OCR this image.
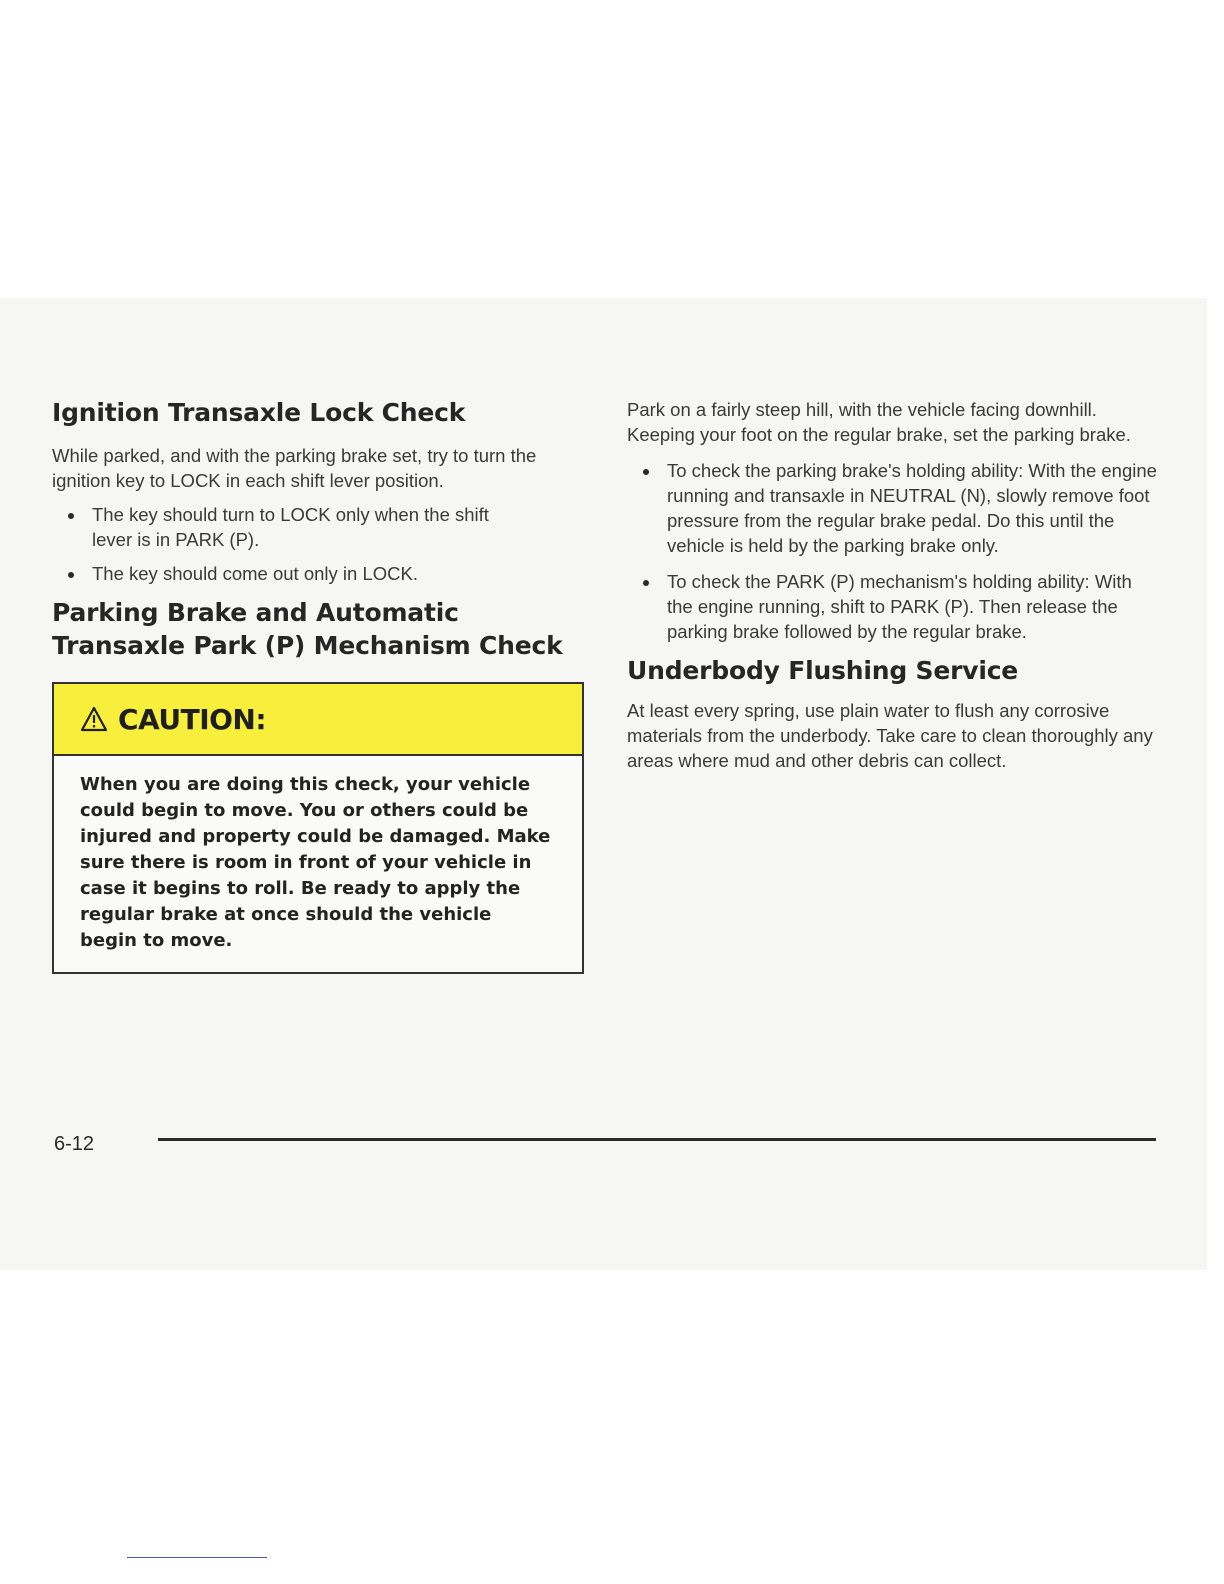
Ignition Transaxle Lock Check

While parked, and with the parking brake set, try to turn the ignition key to LOCK in each shift lever position.

The key should turn to LOCK only when the shift lever is in PARK (P).
The key should come out only in LOCK.
Parking Brake and Automatic Transaxle Park (P) Mechanism Check
CAUTION:
When you are doing this check, your vehicle could begin to move. You or others could be injured and property could be damaged. Make sure there is room in front of your vehicle in case it begins to roll. Be ready to apply the regular brake at once should the vehicle begin to move.

Park on a fairly steep hill, with the vehicle facing downhill. Keeping your foot on the regular brake, set the parking brake.

To check the parking brake's holding ability: With the engine running and transaxle in NEUTRAL (N), slowly remove foot pressure from the regular brake pedal. Do this until the vehicle is held by the parking brake only.
To check the PARK (P) mechanism's holding ability: With the engine running, shift to PARK (P). Then release the parking brake followed by the regular brake.
Underbody Flushing Service

At least every spring, use plain water to flush any corrosive materials from the underbody. Take care to clean thoroughly any areas where mud and other debris can collect.

6-12
